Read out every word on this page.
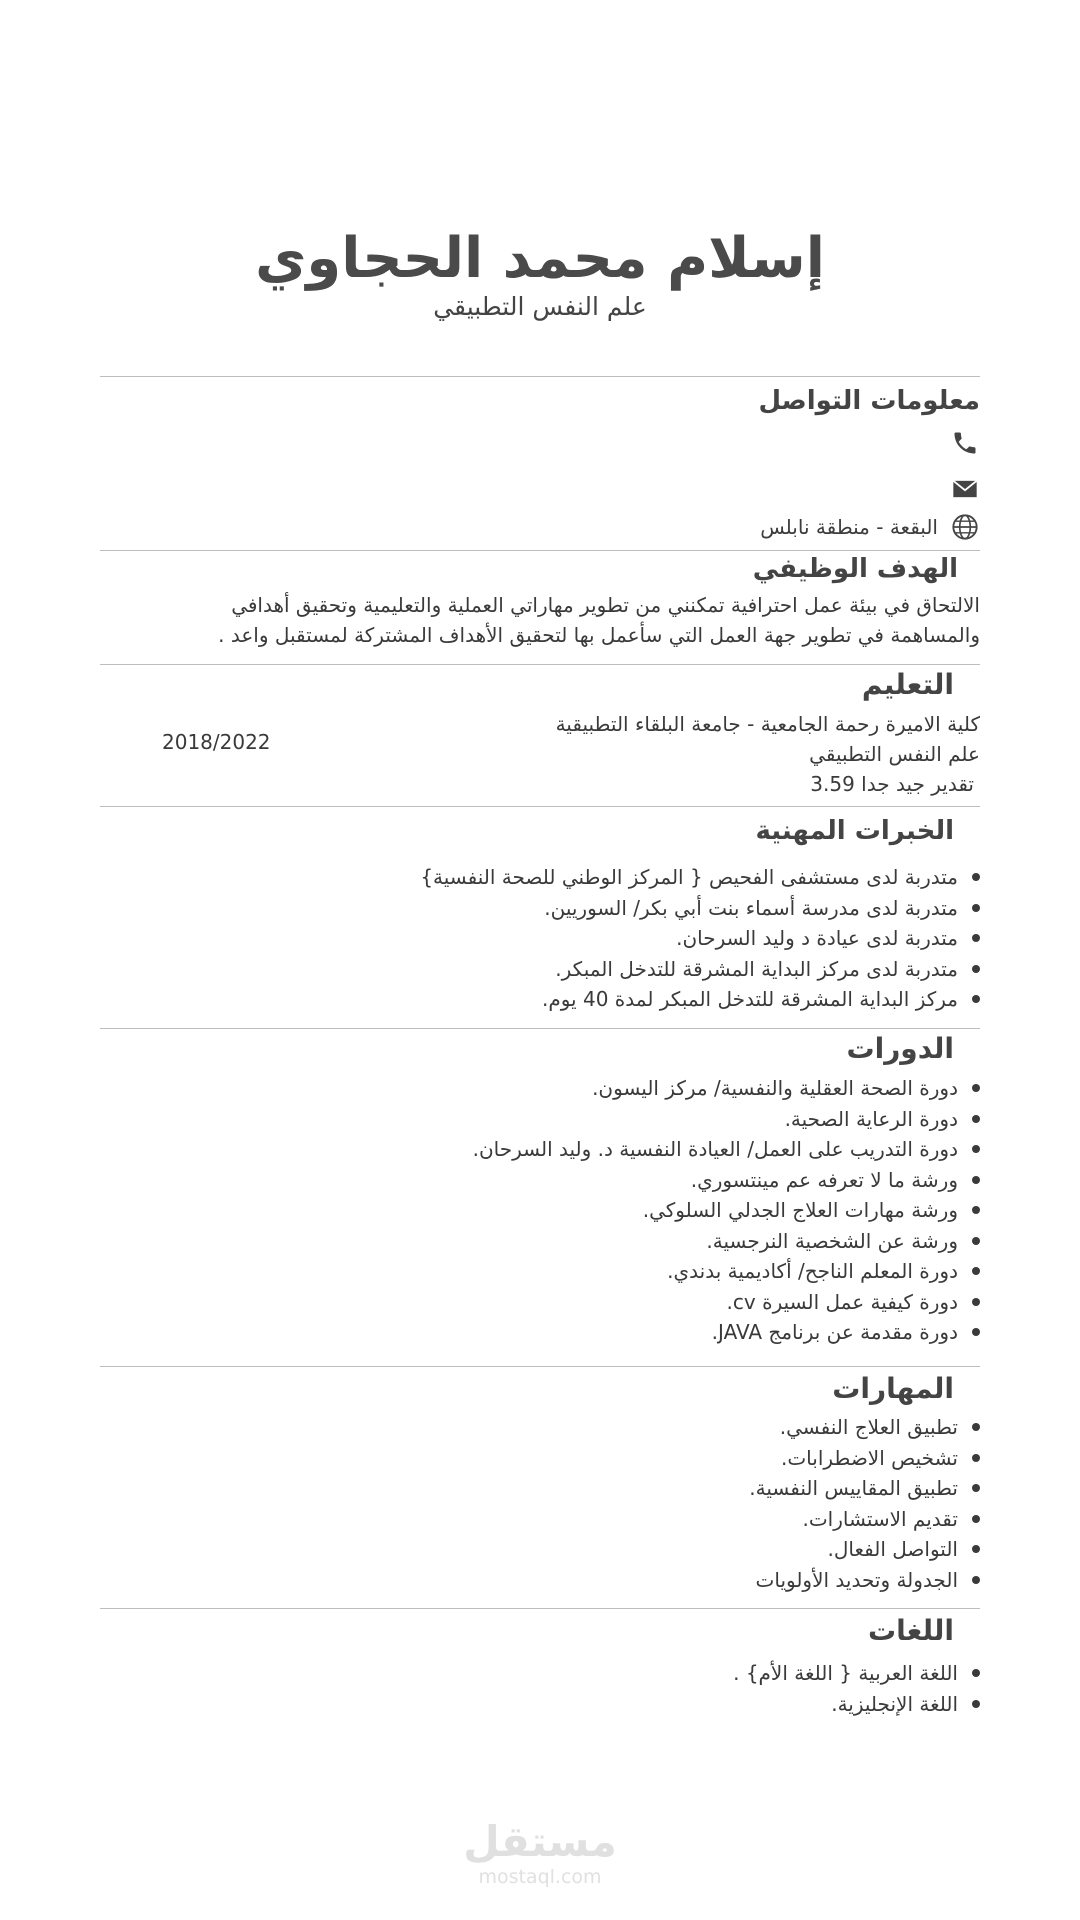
إسلام محمد الحجاوي
علم النفس التطبيقي
معلومات التواصل
البقعة - منطقة نابلس
الهدف الوظيفي
الالتحاق في بيئة عمل احترافية تمكنني من تطوير مهاراتي العملية والتعليمية وتحقيق أهدافي
والمساهمة في تطوير جهة العمل التي سأعمل بها لتحقيق الأهداف المشتركة لمستقبل واعد .
التعليم
كلية الاميرة رحمة الجامعية - جامعة البلقاء التطبيقية
علم النفس التطبيقي
تقدير جيد جدا 3.59
2018/2022
الخبرات المهنية
متدربة لدى مستشفى الفحيص { المركز الوطني للصحة النفسية}
متدربة لدى مدرسة أسماء بنت أبي بكر/ السوريين.
متدربة لدى عيادة د وليد السرحان.
متدربة لدى مركز البداية المشرقة للتدخل المبكر.
مركز البداية المشرقة للتدخل المبكر لمدة 40 يوم.
الدورات
دورة الصحة العقلية والنفسية/ مركز اليسون.
دورة الرعاية الصحية.
دورة التدريب على العمل/ العيادة النفسية د. وليد السرحان.
ورشة ما لا تعرفه عم مينتسوري.
ورشة مهارات العلاج الجدلي السلوكي.
ورشة عن الشخصية النرجسية.
دورة المعلم الناجح/ أكاديمية بدندي.
دورة كيفية عمل السيرة cv.
دورة مقدمة عن برنامج JAVA.
المهارات
تطبيق العلاج النفسي.
تشخيص الاضطرابات.
تطبيق المقاييس النفسية.
تقديم الاستشارات.
التواصل الفعال.
الجدولة وتحديد الأولويات
اللغات
اللغة العربية { اللغة الأم} .
اللغة الإنجليزية.
مستقل
mostaql.com
